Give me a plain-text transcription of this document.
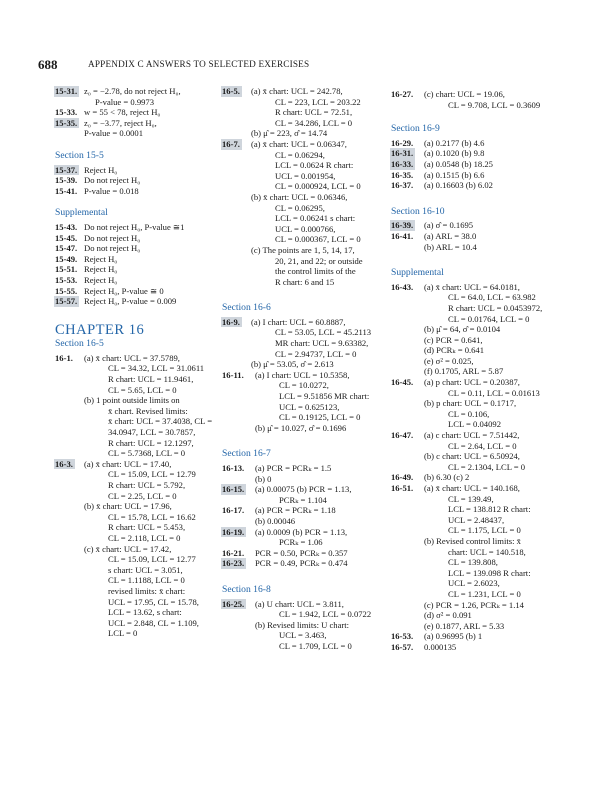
688	APPENDIX C ANSWERS TO SELECTED EXERCISES
15-31. z₀ = −2.78, do not reject H₀,
P-value = 0.9973
15-33. w = 55 < 78, reject H₀
15-35. z₀ = −3.77, reject H₀,
P-value = 0.0001
Section 15-5
15-37. Reject H₀
15-39. Do not reject H₀
15-41. P-value = 0.018
Supplemental
15-43. Do not reject H₀, P-value ≅1
15-45. Do not reject H₀
15-47. Do not reject H₀
15-49. Reject H₀
15-51. Reject H₀
15-53. Reject H₀
15-55. Reject H₀, P-value ≅ 0
15-57. Reject H₀, P-value = 0.009
CHAPTER 16
Section 16-5
16-1. (a) x̄ chart: UCL = 37.5789,
CL = 34.32, LCL = 31.0611
R chart: UCL = 11.9461,
CL = 5.65, LCL = 0
(b) 1 point outside limits on
x̄ chart. Revised limits:
x̄ chart: UCL = 37.4038, CL =
34.0947, LCL = 30.7857,
R chart: UCL = 12.1297,
CL = 5.7368, LCL = 0
16-3. (a) x̄ chart: UCL = 17.40,
CL = 15.09, LCL = 12.79
R chart: UCL = 5.792,
CL = 2.25, LCL = 0
(b) x̄ chart: UCL = 17.96,
CL = 15.78, LCL = 16.62
R chart: UCL = 5.453,
CL = 2.118, LCL = 0
(c) x̄ chart: UCL = 17.42,
CL = 15.09, LCL = 12.77
s chart: UCL = 3.051,
CL = 1.1188, LCL = 0
revised limits: x̄ chart:
UCL = 17.95, CL = 15.78,
LCL = 13.62, s chart:
UCL = 2.848, CL = 1.109,
LCL = 0
16-5. (a) x̄ chart: UCL = 242.78,
CL = 223, LCL = 203.22
R chart: UCL = 72.51,
CL = 34.286, LCL = 0
(b) μ̂ = 223, σ̂ = 14.74
16-7. (a) x̄ chart: UCL = 0.06347,
CL = 0.06294,
LCL = 0.0624 R chart:
UCL = 0.001954,
CL = 0.000924, LCL = 0
(b) x̄ chart: UCL = 0.06346,
CL = 0.06295,
LCL = 0.06241 s chart:
UCL = 0.000766,
CL = 0.000367, LCL = 0
(c) The points are 1, 5, 14, 17,
20, 21, and 22; or outside
the control limits of the
R chart: 6 and 15
Section 16-6
16-9. (a) I chart: UCL = 60.8887,
CL = 53.05, LCL = 45.2113
MR chart: UCL = 9.63382,
CL = 2.94737, LCL = 0
(b) μ̂ = 53.05, σ̂ = 2.613
16-11. (a) I chart: UCL = 10.5358,
CL = 10.0272,
LCL = 9.51856 MR chart:
UCL = 0.625123,
CL = 0.19125, LCL = 0
(b) μ̂ = 10.027, σ̂ = 0.1696
Section 16-7
16-13. (a) PCR = PCRₖ = 1.5
(b) 0
16-15. (a) 0.00075 (b) PCR = 1.13,
PCRₖ = 1.104
16-17. (a) PCR = PCRₖ = 1.18
(b) 0.00046
16-19. (a) 0.0009 (b) PCR = 1.13,
PCRₖ = 1.06
16-21. PCR = 0.50, PCRₖ = 0.357
16-23. PCR = 0.49, PCRₖ = 0.474
Section 16-8
16-25. (a) U chart: UCL = 3.811,
CL = 1.942, LCL = 0.0722
(b) Revised limits: U chart:
UCL = 3.463,
CL = 1.709, LCL = 0
16-27. (c) chart: UCL = 19.06,
CL = 9.708, LCL = 0.3609
Section 16-9
16-29. (a) 0.2177 (b) 4.6
16-31. (a) 0.1020 (b) 9.8
16-33. (a) 0.0548 (b) 18.25
16-35. (a) 0.1515 (b) 6.6
16-37. (a) 0.16603 (b) 6.02
Section 16-10
16-39. (a) σ̂ = 0.1695
16-41. (a) ARL = 38.0
(b) ARL = 10.4
Supplemental
16-43. (a) x̄ chart: UCL = 64.0181,
CL = 64.0, LCL = 63.982
R chart: UCL = 0.0453972,
CL = 0.01764, LCL = 0
(b) μ̂ = 64, σ̂ = 0.0104
(c) PCR = 0.641,
(d) PCRₖ = 0.641
(e) σ² = 0.025,
(f) 0.1705, ARL = 5.87
16-45. (a) p chart: UCL = 0.20387,
CL = 0.11, LCL = 0.01613
(b) p chart: UCL = 0.1717,
CL = 0.106,
LCL = 0.04092
16-47. (a) c chart: UCL = 7.51442,
CL = 2.64, LCL = 0
(b) c chart: UCL = 6.50924,
CL = 2.1304, LCL = 0
16-49. (b) 6.30 (c) 2
16-51. (a) x̄ chart: UCL = 140.168,
CL = 139.49,
LCL = 138.812 R chart:
UCL = 2.48437,
CL = 1.175, LCL = 0
(b) Revised control limits: x̄
chart: UCL = 140.518,
CL = 139.808,
LCL = 139.098 R chart:
UCL = 2.6023,
CL = 1.231, LCL = 0
(c) PCR = 1.26, PCRₖ = 1.14
(d) σ² = 0.091
(e) 0.1877, ARL = 5.33
16-53. (a) 0.96995 (b) 1
16-57. 0.000135
